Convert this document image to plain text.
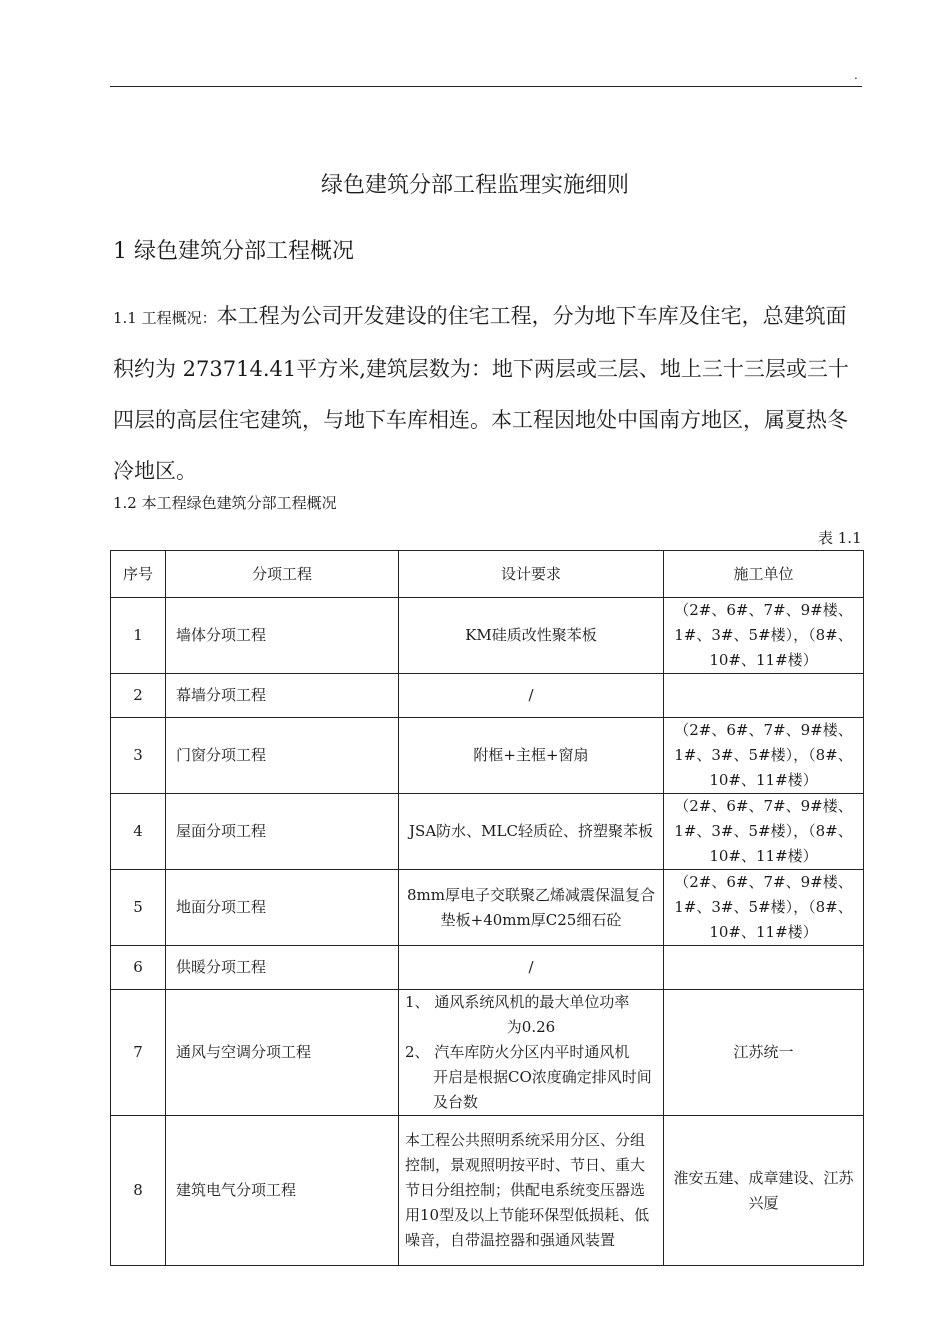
.
绿色建筑分部工程监理实施细则
1 绿色建筑分部工程概况
1.1 工程概况：本工程为公司开发建设的住宅工程，分为地下车库及住宅，总建筑面积约为 273714.41平方米,建筑层数为：地下两层或三层、地上三十三层或三十四层的高层住宅建筑，与地下车库相连。本工程因地处中国南方地区，属夏热冬冷地区。
1.2 本工程绿色建筑分部工程概况
表 1.1
序号	分项工程	设计要求	施工单位
1	墙体分项工程	KM硅质改性聚苯板	（2#、6#、7#、9#楼、1#、3#、5#楼），（8#、10#、11#楼）
2	幕墙分项工程	/	
3	门窗分项工程	附框+主框+窗扇	（2#、6#、7#、9#楼、1#、3#、5#楼），（8#、10#、11#楼）
4	屋面分项工程	JSA防水、MLC轻质砼、挤塑聚苯板	（2#、6#、7#、9#楼、1#、3#、5#楼），（8#、10#、11#楼）
5	地面分项工程	8mm厚电子交联聚乙烯减震保温复合垫板+40mm厚C25细石砼	（2#、6#、7#、9#楼、1#、3#、5#楼），（8#、10#、11#楼）
6	供暖分项工程	/	
7	通风与空调分项工程	1、 通风系统风机的最大单位功率
为0.26
2、 汽车库防火分区内平时通风机
开启是根据CO浓度确定排风时间及台数	江苏统一
8	建筑电气分项工程	本工程公共照明系统采用分区、分组控制，景观照明按平时、节日、重大节日分组控制；供配电系统变压器选用10型及以上节能环保型低损耗、低噪音，自带温控器和强通风装置	淮安五建、成章建设、江苏兴厦
